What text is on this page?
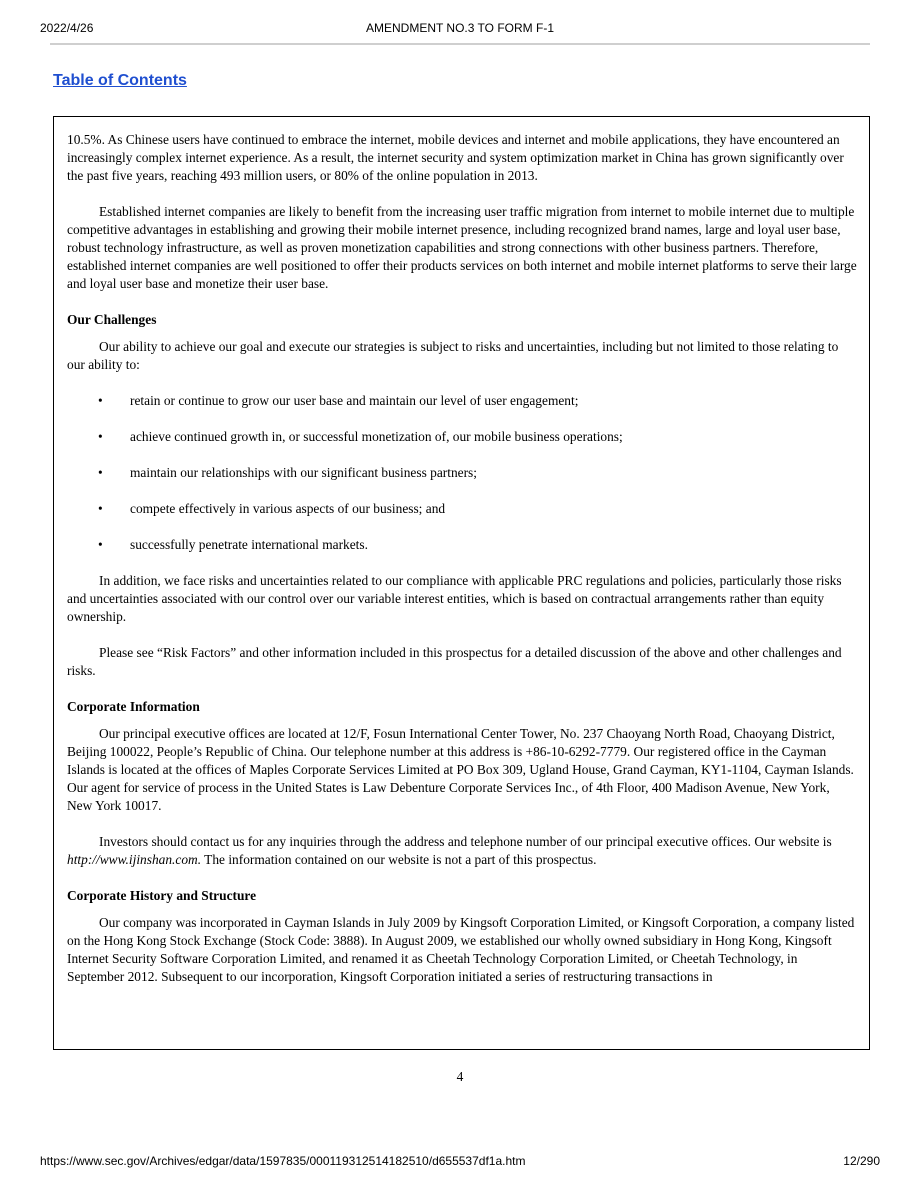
2022/4/26	AMENDMENT NO.3 TO FORM F-1
Table of Contents

10.5%. As Chinese users have continued to embrace the internet, mobile devices and internet and mobile applications, they have encountered an increasingly complex internet experience. As a result, the internet security and system optimization market in China has grown significantly over the past five years, reaching 493 million users, or 80% of the online population in 2013.

Established internet companies are likely to benefit from the increasing user traffic migration from internet to mobile internet due to multiple competitive advantages in establishing and growing their mobile internet presence, including recognized brand names, large and loyal user base, robust technology infrastructure, as well as proven monetization capabilities and strong connections with other business partners. Therefore, established internet companies are well positioned to offer their products services on both internet and mobile internet platforms to serve their large and loyal user base and monetize their user base.

Our Challenges

Our ability to achieve our goal and execute our strategies is subject to risks and uncertainties, including but not limited to those relating to our ability to:

• retain or continue to grow our user base and maintain our level of user engagement;
• achieve continued growth in, or successful monetization of, our mobile business operations;
• maintain our relationships with our significant business partners;
• compete effectively in various aspects of our business; and
• successfully penetrate international markets.

In addition, we face risks and uncertainties related to our compliance with applicable PRC regulations and policies, particularly those risks and uncertainties associated with our control over our variable interest entities, which is based on contractual arrangements rather than equity ownership.

Please see “Risk Factors” and other information included in this prospectus for a detailed discussion of the above and other challenges and risks.

Corporate Information

Our principal executive offices are located at 12/F, Fosun International Center Tower, No. 237 Chaoyang North Road, Chaoyang District, Beijing 100022, People’s Republic of China. Our telephone number at this address is +86-10-6292-7779. Our registered office in the Cayman Islands is located at the offices of Maples Corporate Services Limited at PO Box 309, Ugland House, Grand Cayman, KY1-1104, Cayman Islands. Our agent for service of process in the United States is Law Debenture Corporate Services Inc., of 4th Floor, 400 Madison Avenue, New York, New York 10017.

Investors should contact us for any inquiries through the address and telephone number of our principal executive offices. Our website is http://www.ijinshan.com. The information contained on our website is not a part of this prospectus.

Corporate History and Structure

Our company was incorporated in Cayman Islands in July 2009 by Kingsoft Corporation Limited, or Kingsoft Corporation, a company listed on the Hong Kong Stock Exchange (Stock Code: 3888). In August 2009, we established our wholly owned subsidiary in Hong Kong, Kingsoft Internet Security Software Corporation Limited, and renamed it as Cheetah Technology Corporation Limited, or Cheetah Technology, in September 2012. Subsequent to our incorporation, Kingsoft Corporation initiated a series of restructuring transactions in

4
https://www.sec.gov/Archives/edgar/data/1597835/000119312514182510/d655537df1a.htm	12/290
